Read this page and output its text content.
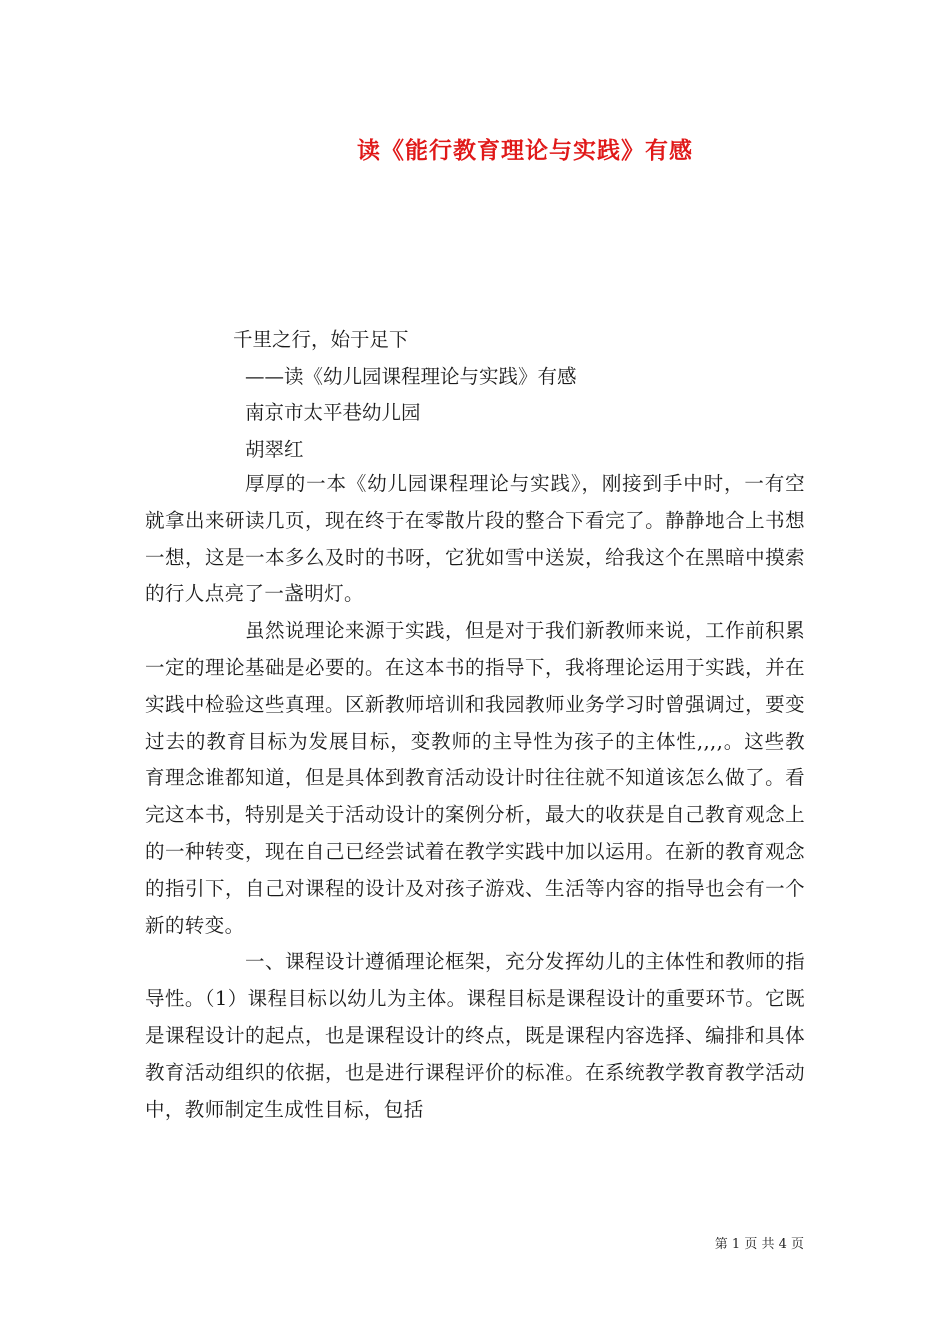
读《能行教育理论与实践》有感
千里之行，始于足下
——读《幼儿园课程理论与实践》有感
南京市太平巷幼儿园
胡翠红

厚厚的一本《幼儿园课程理论与实践》，刚接到手中时，一有空就拿出来研读几页，现在终于在零散片段的整合下看完了。静静地合上书想一想，这是一本多么及时的书呀，它犹如雪中送炭，给我这个在黑暗中摸索的行人点亮了一盏明灯。

虽然说理论来源于实践，但是对于我们新教师来说，工作前积累一定的理论基础是必要的。在这本书的指导下，我将理论运用于实践，并在实践中检验这些真理。区新教师培训和我园教师业务学习时曾强调过，要变过去的教育目标为发展目标，变教师的主导性为孩子的主体性,,,,。这些教育理念谁都知道，但是具体到教育活动设计时往往就不知道该怎么做了。看完这本书，特别是关于活动设计的案例分析，最大的收获是自己教育观念上的一种转变，现在自己已经尝试着在教学实践中加以运用。在新的教育观念的指引下，自己对课程的设计及对孩子游戏、生活等内容的指导也会有一个新的转变。

一、课程设计遵循理论框架，充分发挥幼儿的主体性和教师的指导性。（1）课程目标以幼儿为主体。课程目标是课程设计的重要环节。它既是课程设计的起点，也是课程设计的终点，既是课程内容选择、编排和具体教育活动组织的依据，也是进行课程评价的标准。在系统教学教育教学活动中，教师制定生成性目标，包括

第 1 页 共 4 页
